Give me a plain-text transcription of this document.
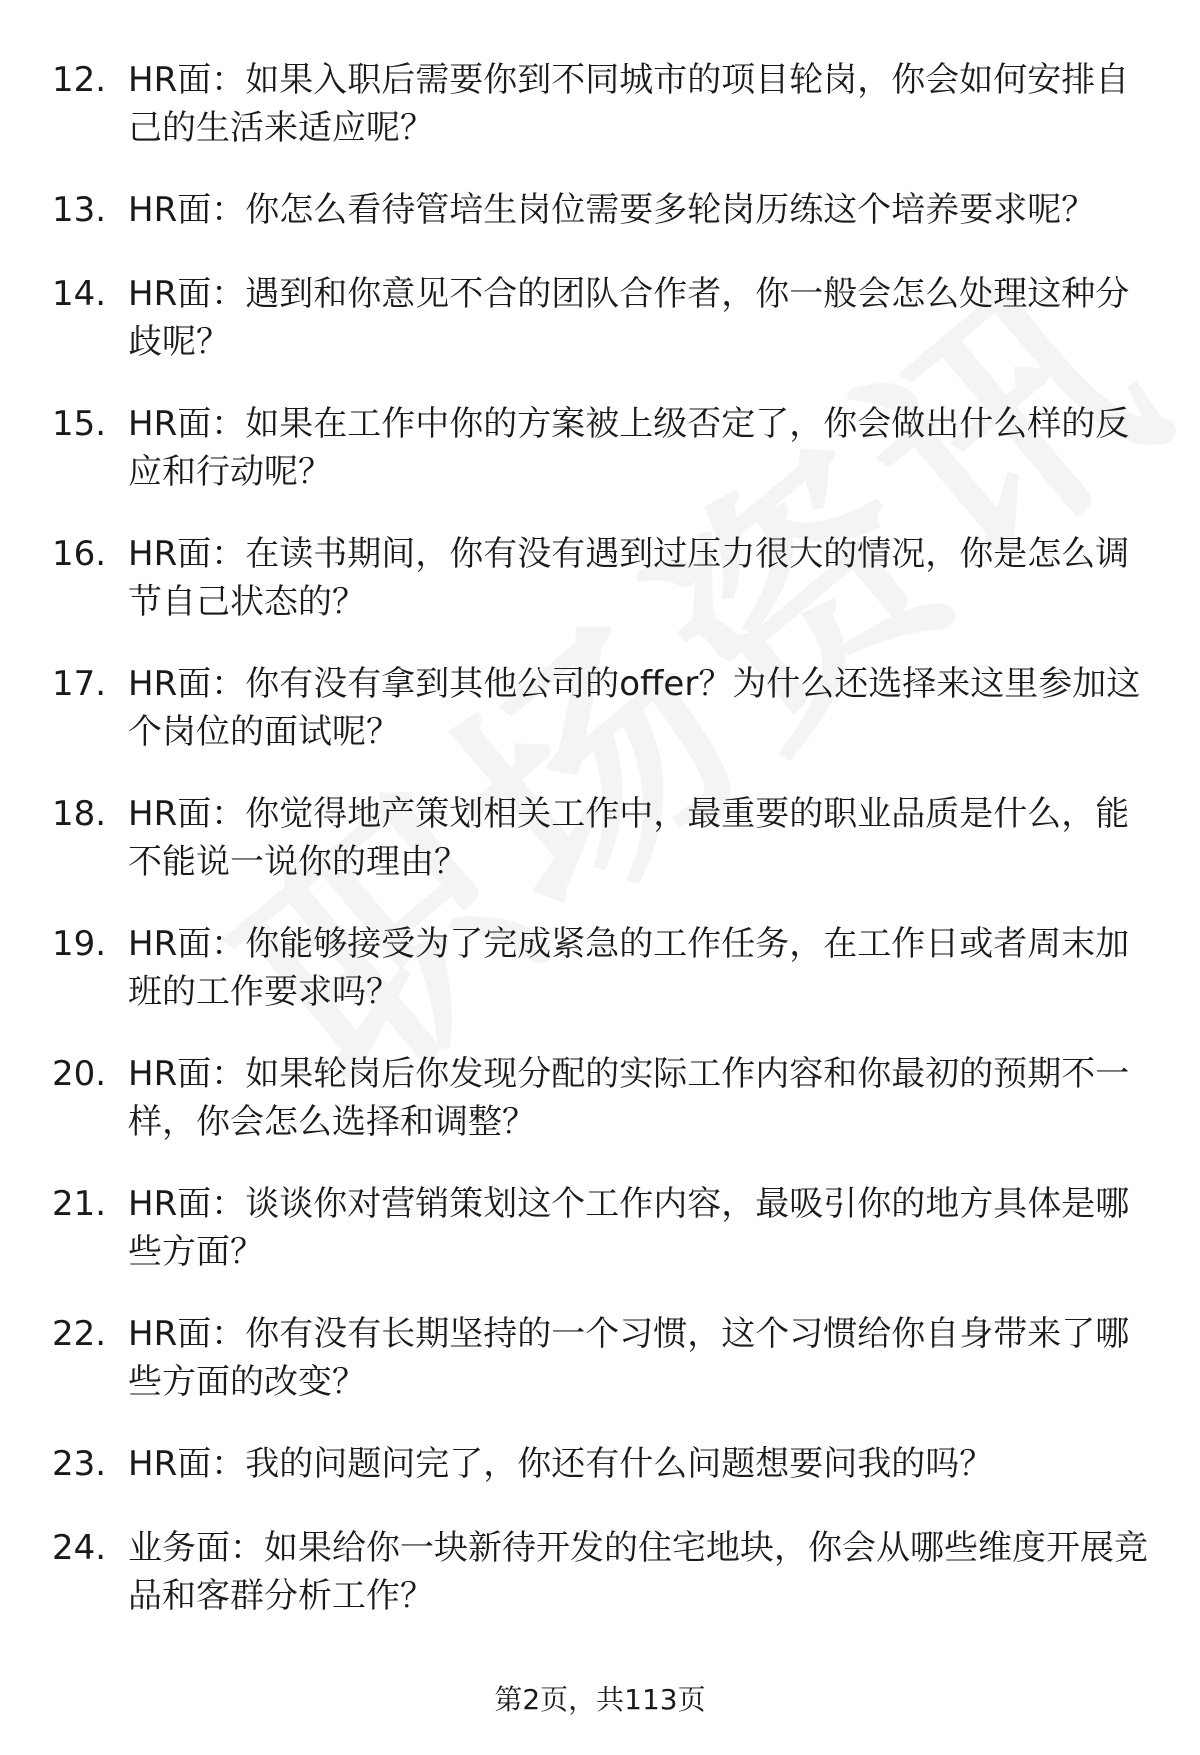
12. HR面：如果入职后需要你到不同城市的项目轮岗，你会如何安排自己的生活来适应呢？
13. HR面：你怎么看待管培生岗位需要多轮岗历练这个培养要求呢？
14. HR面：遇到和你意见不合的团队合作者，你一般会怎么处理这种分歧呢？
15. HR面：如果在工作中你的方案被上级否定了，你会做出什么样的反应和行动呢？
16. HR面：在读书期间，你有没有遇到过压力很大的情况，你是怎么调节自己状态的？
17. HR面：你有没有拿到其他公司的offer？为什么还选择来这里参加这个岗位的面试呢？
18. HR面：你觉得地产策划相关工作中，最重要的职业品质是什么，能不能说一说你的理由？
19. HR面：你能够接受为了完成紧急的工作任务，在工作日或者周末加班的工作要求吗？
20. HR面：如果轮岗后你发现分配的实际工作内容和你最初的预期不一样，你会怎么选择和调整？
21. HR面：谈谈你对营销策划这个工作内容，最吸引你的地方具体是哪些方面？
22. HR面：你有没有长期坚持的一个习惯，这个习惯给你自身带来了哪些方面的改变？
23. HR面：我的问题问完了，你还有什么问题想要问我的吗？
24. 业务面：如果给你一块新待开发的住宅地块，你会从哪些维度开展竞品和客群分析工作？
第2页，共113页
